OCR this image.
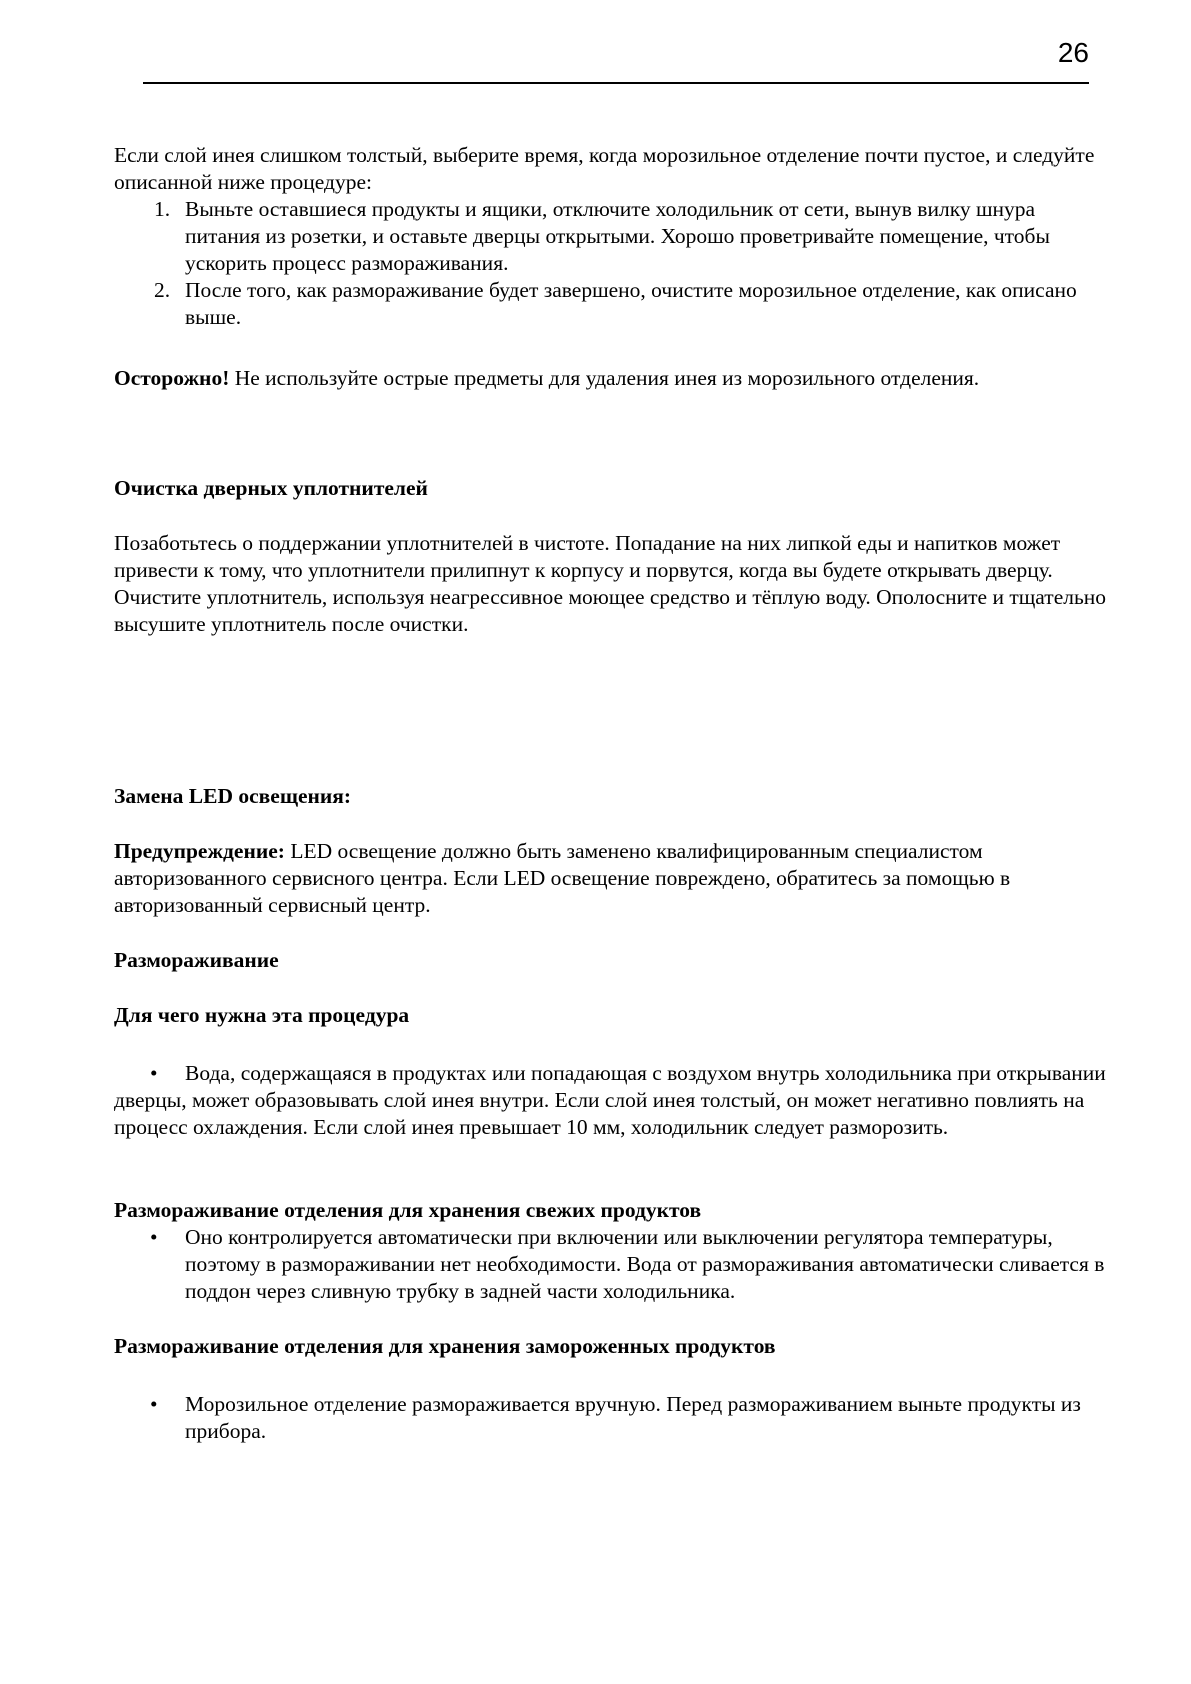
26

Если слой инея слишком толстый, выберите время, когда морозильное отделение почти пустое, и следуйте описанной ниже процедуре:

1. Выньте оставшиеся продукты и ящики, отключите холодильник от сети, вынув вилку шнура питания из розетки, и оставьте дверцы открытыми. Хорошо проветривайте помещение, чтобы ускорить процесс размораживания.
2. После того, как размораживание будет завершено, очистите морозильное отделение, как описано выше.

Осторожно! Не используйте острые предметы для удаления инея из морозильного отделения.

Очистка дверных уплотнителей

Позаботьтесь о поддержании уплотнителей в чистоте. Попадание на них липкой еды и напитков может привести к тому, что уплотнители прилипнут к корпусу и порвутся, когда вы будете открывать дверцу. Очистите уплотнитель, используя неагрессивное моющее средство и тёплую воду. Ополосните и тщательно высушите уплотнитель после очистки.

Замена LED освещения:

Предупреждение: LED освещение должно быть заменено квалифицированным специалистом авторизованного сервисного центра. Если LED освещение повреждено, обратитесь за помощью в авторизованный сервисный центр.

Размораживание
Для чего нужна эта процедура

• Вода, содержащаяся в продуктах или попадающая с воздухом внутрь холодильника при открывании дверцы, может образовывать слой инея внутри. Если слой инея толстый, он может негативно повлиять на процесс охлаждения. Если слой инея превышает 10 мм, холодильник следует разморозить.

Размораживание отделения для хранения свежих продуктов
• Оно контролируется автоматически при включении или выключении регулятора температуры, поэтому в размораживании нет необходимости. Вода от размораживания автоматически сливается в поддон через сливную трубку в задней части холодильника.
Размораживание отделения для хранения замороженных продуктов
• Морозильное отделение размораживается вручную. Перед размораживанием выньте продукты из прибора.
